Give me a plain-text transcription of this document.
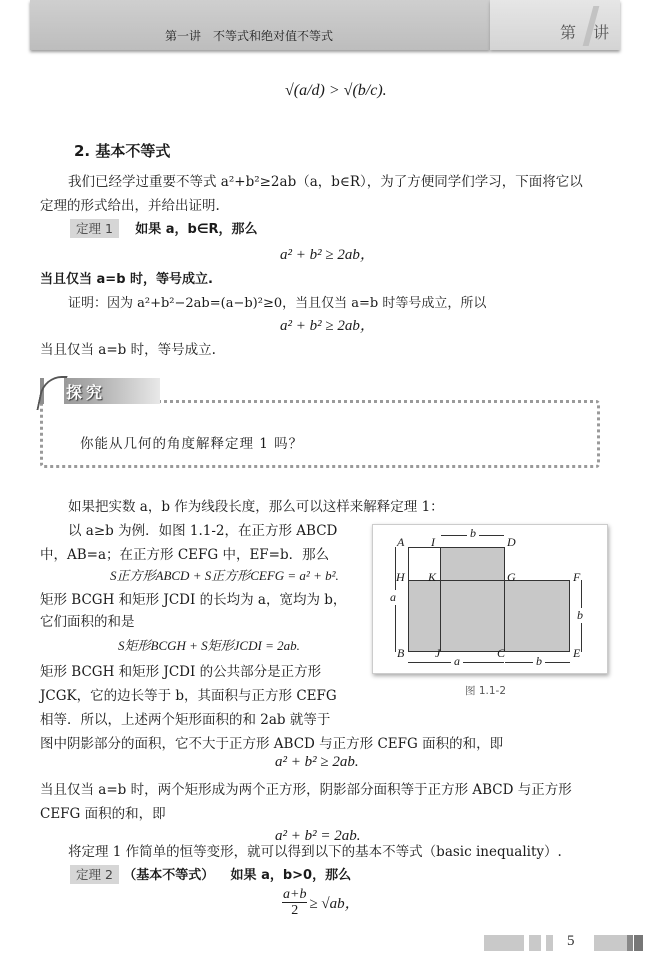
第一讲　不等式和绝对值不等式	第 讲
√(a/d) > √(b/c).
2. 基本不等式
我们已经学过重要不等式 a²+b²≥2ab（a，b∈R），为了方便同学们学习，下面将它以
定理的形式给出，并给出证明.
定理 1 如果 a，b∈R，那么
a² + b² ≥ 2ab，
当且仅当 a=b 时，等号成立.
证明：因为 a²+b²−2ab=(a−b)²≥0，当且仅当 a=b 时等号成立，所以
a² + b² ≥ 2ab，
当且仅当 a=b 时，等号成立.
探究
你能从几何的角度解释定理 1 吗？
如果把实数 a，b 作为线段长度，那么可以这样来解释定理 1：
以 a≥b 为例．如图 1.1-2，在正方形 ABCD
中，AB=a；在正方形 CEFG 中，EF=b．那么
S正方形ABCD + S正方形CEFG = a² + b².
矩形 BCGH 和矩形 JCDI 的长均为 a，宽均为 b，
它们面积的和是
S矩形BCGH + S矩形JCDI = 2ab.
矩形 BCGH 和矩形 JCDI 的公共部分是正方形
JCGK，它的边长等于 b，其面积与正方形 CEFG
相等．所以，上述两个矩形面积的和 2ab 就等于
图中阴影部分的面积，它不大于正方形 ABCD 与正方形 CEFG 面积的和，即
a² + b² ≥ 2ab.
当且仅当 a=b 时，两个矩形成为两个正方形，阴影部分面积等于正方形 ABCD 与正方形
CEFG 面积的和，即
a² + b² = 2ab.
b
a
b
a	b
A I	D
H K	G	F
B	J	C	E
图 1.1-2
将定理 1 作简单的恒等变形，就可以得到以下的基本不等式（basic inequality）.
定理 2 （基本不等式） 如果 a，b>0，那么
$\frac{a+b}{2} \ge √ab$，
5
